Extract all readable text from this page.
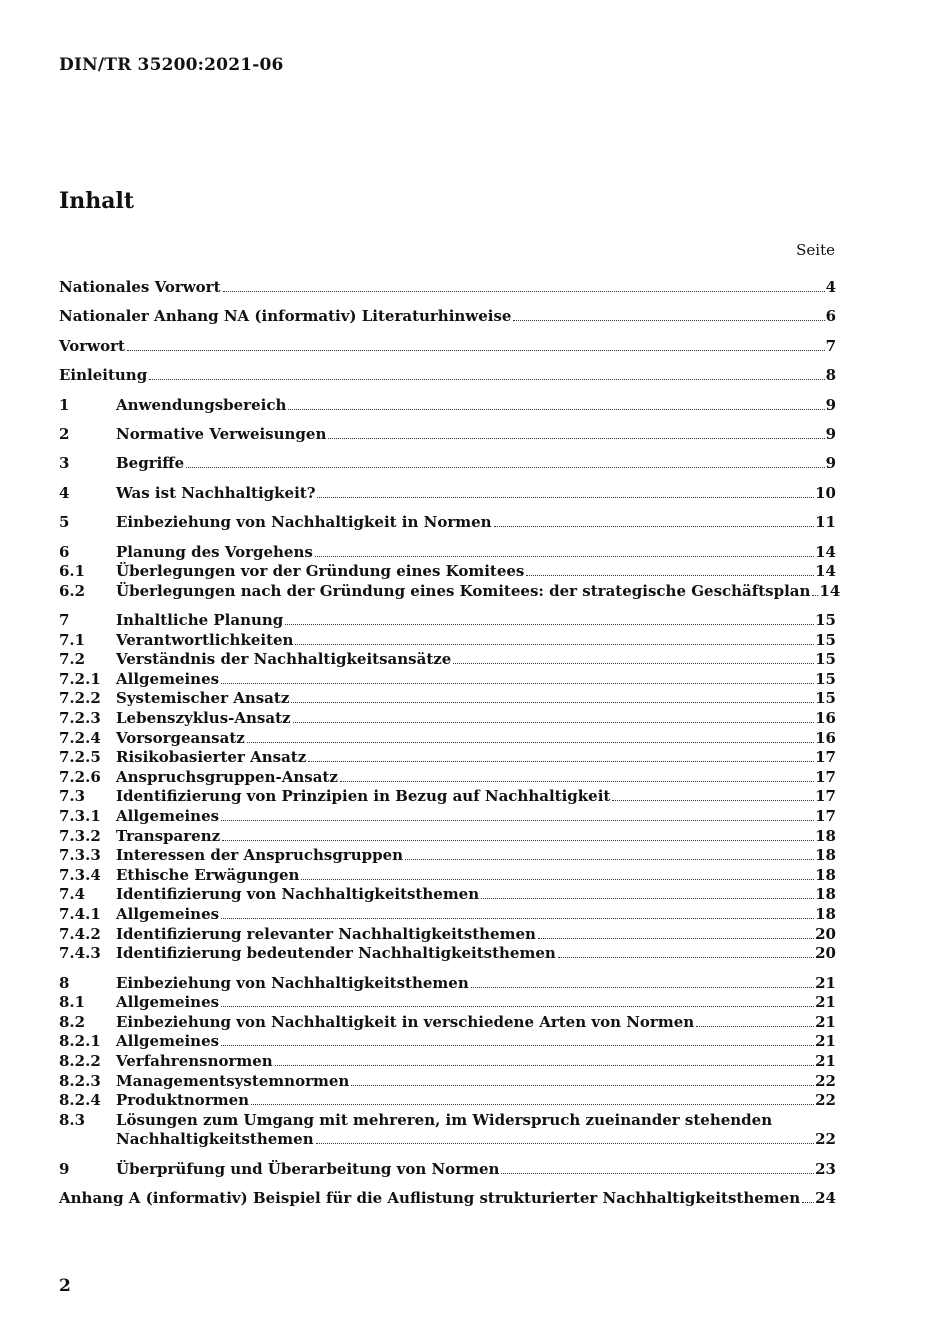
DIN/TR 35200:2021-06
Inhalt
Seite
Nationales Vorwort	4
Nationaler Anhang NA (informativ) Literaturhinweise	6
Vorwort	7
Einleitung	8
1	Anwendungsbereich	9
2	Normative Verweisungen	9
3	Begriffe	9
4	Was ist Nachhaltigkeit?	10
5	Einbeziehung von Nachhaltigkeit in Normen	11
6	Planung des Vorgehens	14
6.1	Überlegungen vor der Gründung eines Komitees	14
6.2	Überlegungen nach der Gründung eines Komitees: der strategische Geschäftsplan 14
7	Inhaltliche Planung	15
7.1	Verantwortlichkeiten	15
7.2	Verständnis der Nachhaltigkeitsansätze	15
7.2.1	Allgemeines	15
7.2.2	Systemischer Ansatz	15
7.2.3	Lebenszyklus-Ansatz	16
7.2.4	Vorsorgeansatz	16
7.2.5	Risikobasierter Ansatz	17
7.2.6	Anspruchsgruppen-Ansatz	17
7.3	Identifizierung von Prinzipien in Bezug auf Nachhaltigkeit	17
7.3.1	Allgemeines	17
7.3.2	Transparenz	18
7.3.3	Interessen der Anspruchsgruppen	18
7.3.4	Ethische Erwägungen	18
7.4	Identifizierung von Nachhaltigkeitsthemen	18
7.4.1	Allgemeines	18
7.4.2	Identifizierung relevanter Nachhaltigkeitsthemen	20
7.4.3	Identifizierung bedeutender Nachhaltigkeitsthemen	20
8	Einbeziehung von Nachhaltigkeitsthemen	21
8.1	Allgemeines	21
8.2	Einbeziehung von Nachhaltigkeit in verschiedene Arten von Normen	21
8.2.1	Allgemeines	21
8.2.2	Verfahrensnormen	21
8.2.3	Managementsystemnormen	22
8.2.4	Produktnormen	22
8.3	Lösungen zum Umgang mit mehreren, im Widerspruch zueinander stehenden
Nachhaltigkeitsthemen	22
9	Überprüfung und Überarbeitung von Normen	23
Anhang A (informativ) Beispiel für die Auflistung strukturierter Nachhaltigkeitsthemen 24
2
